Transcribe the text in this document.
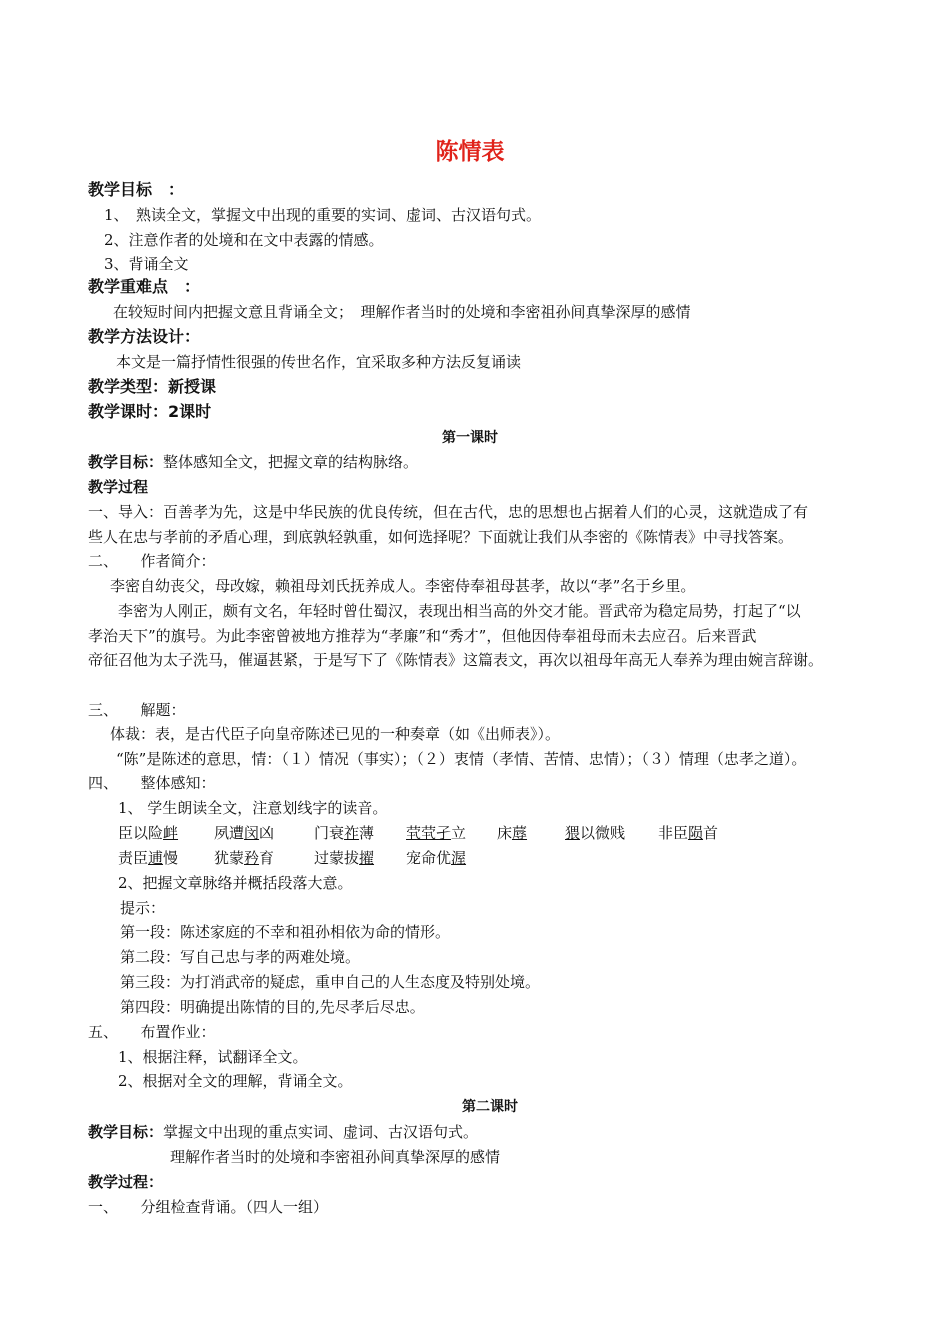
陈情表
教学目标　：
1、　熟读全文，掌握文中出现的重要的实词、虚词、古汉语句式。
2、注意作者的处境和在文中表露的情感。
3、背诵全文
教学重难点　：
在较短时间内把握文意且背诵全文；　理解作者当时的处境和李密祖孙间真挚深厚的感情
教学方法设计：
本文是一篇抒情性很强的传世名作，宜采取多种方法反复诵读
教学类型：新授课
教学课时：2课时
第一课时
教学目标：整体感知全文，把握文章的结构脉络。
教学过程
一、导入：百善孝为先，这是中华民族的优良传统，但在古代，忠的思想也占据着人们的心灵，这就造成了有
些人在忠与孝前的矛盾心理，到底孰轻孰重，如何选择呢？下面就让我们从李密的《陈情表》中寻找答案。
二、　　作者简介：
李密自幼丧父，母改嫁，赖祖母刘氏抚养成人。李密侍奉祖母甚孝，故以“孝”名于乡里。
李密为人刚正，颇有文名，年轻时曾仕蜀汉，表现出相当高的外交才能。晋武帝为稳定局势，打起了“以
孝治天下”的旗号。为此李密曾被地方推荐为“孝廉”和“秀才”，但他因侍奉祖母而未去应召。后来晋武
帝征召他为太子洗马，催逼甚紧，于是写下了《陈情表》这篇表文，再次以祖母年高无人奉养为理由婉言辞谢。
三、　　解题：
体裁：表，是古代臣子向皇帝陈述已见的一种奏章（如《出师表》）。
“陈”是陈述的意思，情：（１）情况（事实）；（２）衷情（孝情、苦情、忠情）；（３）情理（忠孝之道）。
四、　　整体感知：
1、 学生朗读全文，注意划线字的读音。
臣以险衅 夙遭闵凶	门衰祚薄 茕茕孑立 床蓐	猥以微贱 非臣陨首
责臣逋慢 犹蒙矜育	过蒙拔擢 宠命优渥
2、把握文章脉络并概括段落大意。
提示：
第一段：陈述家庭的不幸和祖孙相依为命的情形。
第二段：写自己忠与孝的两难处境。
第三段：为打消武帝的疑虑，重申自己的人生态度及特别处境。
第四段：明确提出陈情的目的,先尽孝后尽忠。
五、　　布置作业：
1、根据注释，试翻译全文。
2、根据对全文的理解，背诵全文。
第二课时
教学目标：掌握文中出现的重点实词、虚词、古汉语句式。
理解作者当时的处境和李密祖孙间真挚深厚的感情
教学过程：
一、　　分组检查背诵。（四人一组）
